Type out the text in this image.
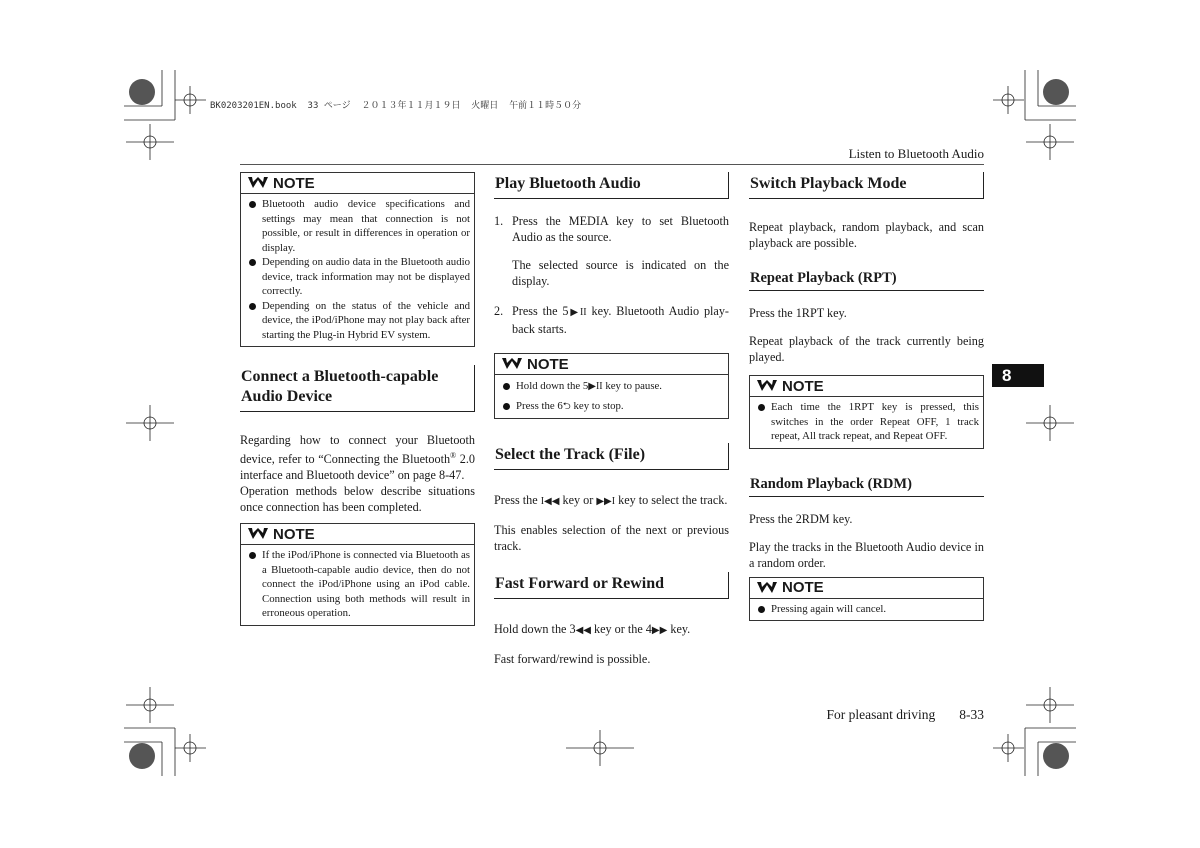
BK0203201EN.book  33 ページ  ２０１３年１１月１９日  火曜日  午前１１時５０分
Listen to Bluetooth Audio
8
NOTE
Bluetooth audio device specifications and settings may mean that connection is not possible, or result in differences in operation or display.
Depending on audio data in the Bluetooth audio device, track information may not be displayed correctly.
Depending on the status of the vehicle and device, the iPod/iPhone may not play back after starting the Plug-in Hybrid EV system.
Connect a Bluetooth-capable Audio Device

Regarding how to connect your Bluetooth device, refer to “Connecting the Bluetooth® 2.0 interface and Bluetooth device” on page 8-47.

Operation methods below describe situations once connection has been completed.

NOTE
If the iPod/iPhone is connected via Bluetooth as a Bluetooth-capable audio device, then do not connect the iPod/iPhone using an iPod cable. Connection using both methods will result in erroneous operation.
Play Bluetooth Audio
1. Press the MEDIA key to set Bluetooth Audio as the source.

The selected source is indicated on the display.

2. Press the 5▶II key. Bluetooth Audio play-back starts.
NOTE
Hold down the 5▶II key to pause.
Press the 6⮌ key to stop.
Select the Track (File)

Press the I◀◀ key or ▶▶I key to select the track.

This enables selection of the next or previous track.

Fast Forward or Rewind

Hold down the 3◀◀ key or the 4▶▶ key.

Fast forward/rewind is possible.

Switch Playback Mode

Repeat playback, random playback, and scan playback are possible.

Repeat Playback (RPT)

Press the 1RPT key.

Repeat playback of the track currently being played.

NOTE
Each time the 1RPT key is pressed, this switches in the order Repeat OFF, 1 track repeat, All track repeat, and Repeat OFF.
Random Playback (RDM)

Press the 2RDM key.

Play the tracks in the Bluetooth Audio device in a random order.

NOTE
Pressing again will cancel.

For pleasant driving 8-33
